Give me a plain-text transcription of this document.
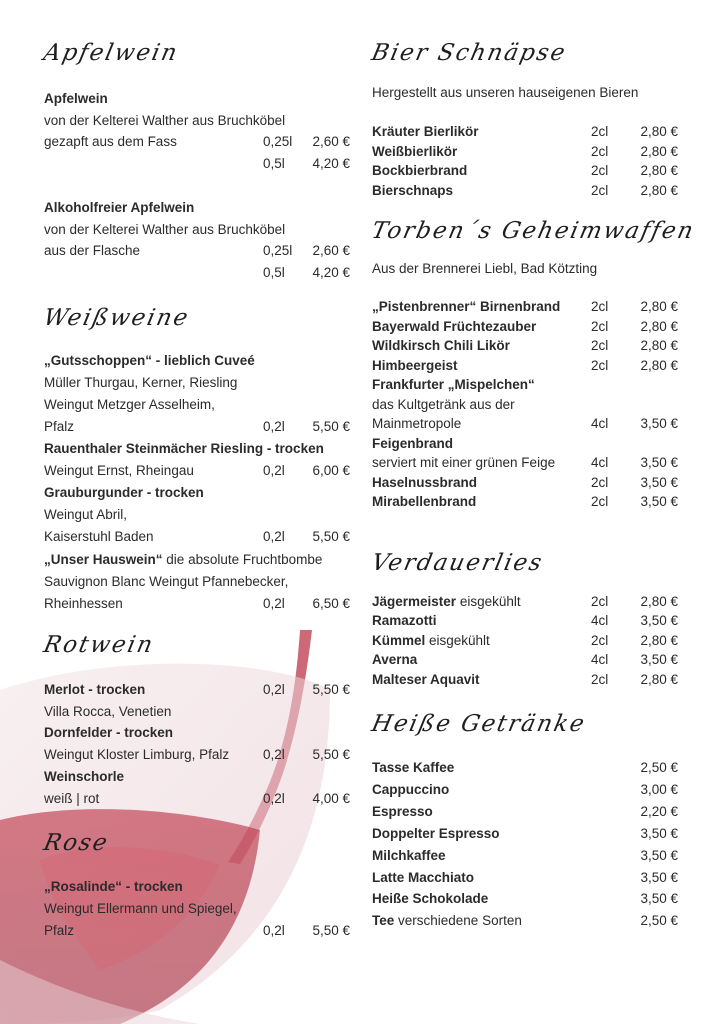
Apfelwein
Apfelwein
von der Kelterei Walther aus Bruchköbel
gezapft aus dem Fass	0,25l 2,60 €
0,5l 4,20 €
Alkoholfreier Apfelwein
von der Kelterei Walther aus Bruchköbel
aus der Flasche	0,25l 2,60 €
0,5l 4,20 €
Weißweine
„Gutsschoppen“ - lieblich Cuveé
Müller Thurgau, Kerner, Riesling
Weingut Metzger Asselheim,
Pfalz	0,2l 5,50 €
Rauenthaler Steinmächer Riesling - trocken
Weingut Ernst, Rheingau	0,2l 6,00 €
Grauburgunder - trocken
Weingut Abril,
Kaiserstuhl Baden	0,2l 5,50 €
„Unser Hauswein“ die absolute Fruchtbombe
Sauvignon Blanc Weingut Pfannebecker,
Rheinhessen	0,2l 6,50 €
Rotwein
Merlot - trocken	0,2l 5,50 €
Villa Rocca, Venetien
Dornfelder - trocken
Weingut Kloster Limburg, Pfalz	0,2l 5,50 €
Weinschorle
weiß | rot	0,2l 4,00 €
Rose
„Rosalinde“ - trocken
Weingut Ellermann und Spiegel,
Pfalz	0,2l 5,50 €
Bier Schnäpse
Hergestellt aus unseren hauseigenen Bieren
Kräuter Bierlikör	2cl 2,80 €
Weißbierlikör	2cl 2,80 €
Bockbierbrand	2cl 2,80 €
Bierschnaps	2cl 2,80 €
Torben´s Geheimwaffen
Aus der Brennerei Liebl, Bad Kötzting
„Pistenbrenner“ Birnenbrand 2cl 2,80 €
Bayerwald Früchtezauber	2cl 2,80 €
Wildkirsch Chili Likör	2cl 2,80 €
Himbeergeist	2cl 2,80 €
Frankfurter „Mispelchen“
das Kultgetränk aus der
Mainmetropole	4cl 3,50 €
Feigenbrand
serviert mit einer grünen Feige	4cl 3,50 €
Haselnussbrand	2cl 3,50 €
Mirabellenbrand	2cl 3,50 €
Verdauerlies
Jägermeister eisgekühlt	2cl 2,80 €
Ramazotti	4cl 3,50 €
Kümmel eisgekühlt	2cl 2,80 €
Averna	4cl 3,50 €
Malteser Aquavit	2cl 2,80 €
Heiße Getränke
Tasse Kaffee	2,50 €
Cappuccino	3,00 €
Espresso	2,20 €
Doppelter Espresso	3,50 €
Milchkaffee	3,50 €
Latte Macchiato	3,50 €
Heiße Schokolade	3,50 €
Tee verschiedene Sorten	2,50 €
